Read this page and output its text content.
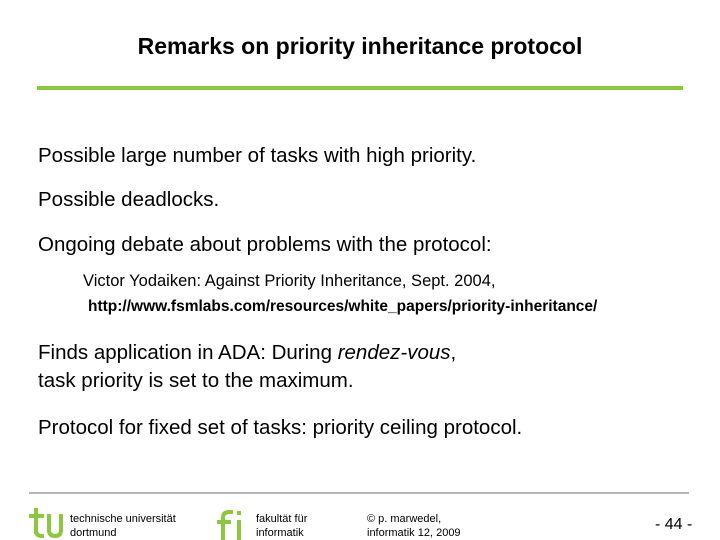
Remarks on priority inheritance protocol
Possible large number of tasks with high priority.
Possible deadlocks.
Ongoing debate about problems with the protocol:
Victor Yodaiken: Against Priority Inheritance, Sept. 2004,
http://www.fsmlabs.com/resources/white_papers/priority-inheritance/
Finds application in ADA: During rendez-vous,
task priority is set to the maximum.
Protocol for fixed set of tasks: priority ceiling protocol.
technische universität
dortmund
fakultät für
informatik
© p. marwedel,
informatik 12, 2009	- 44 -
